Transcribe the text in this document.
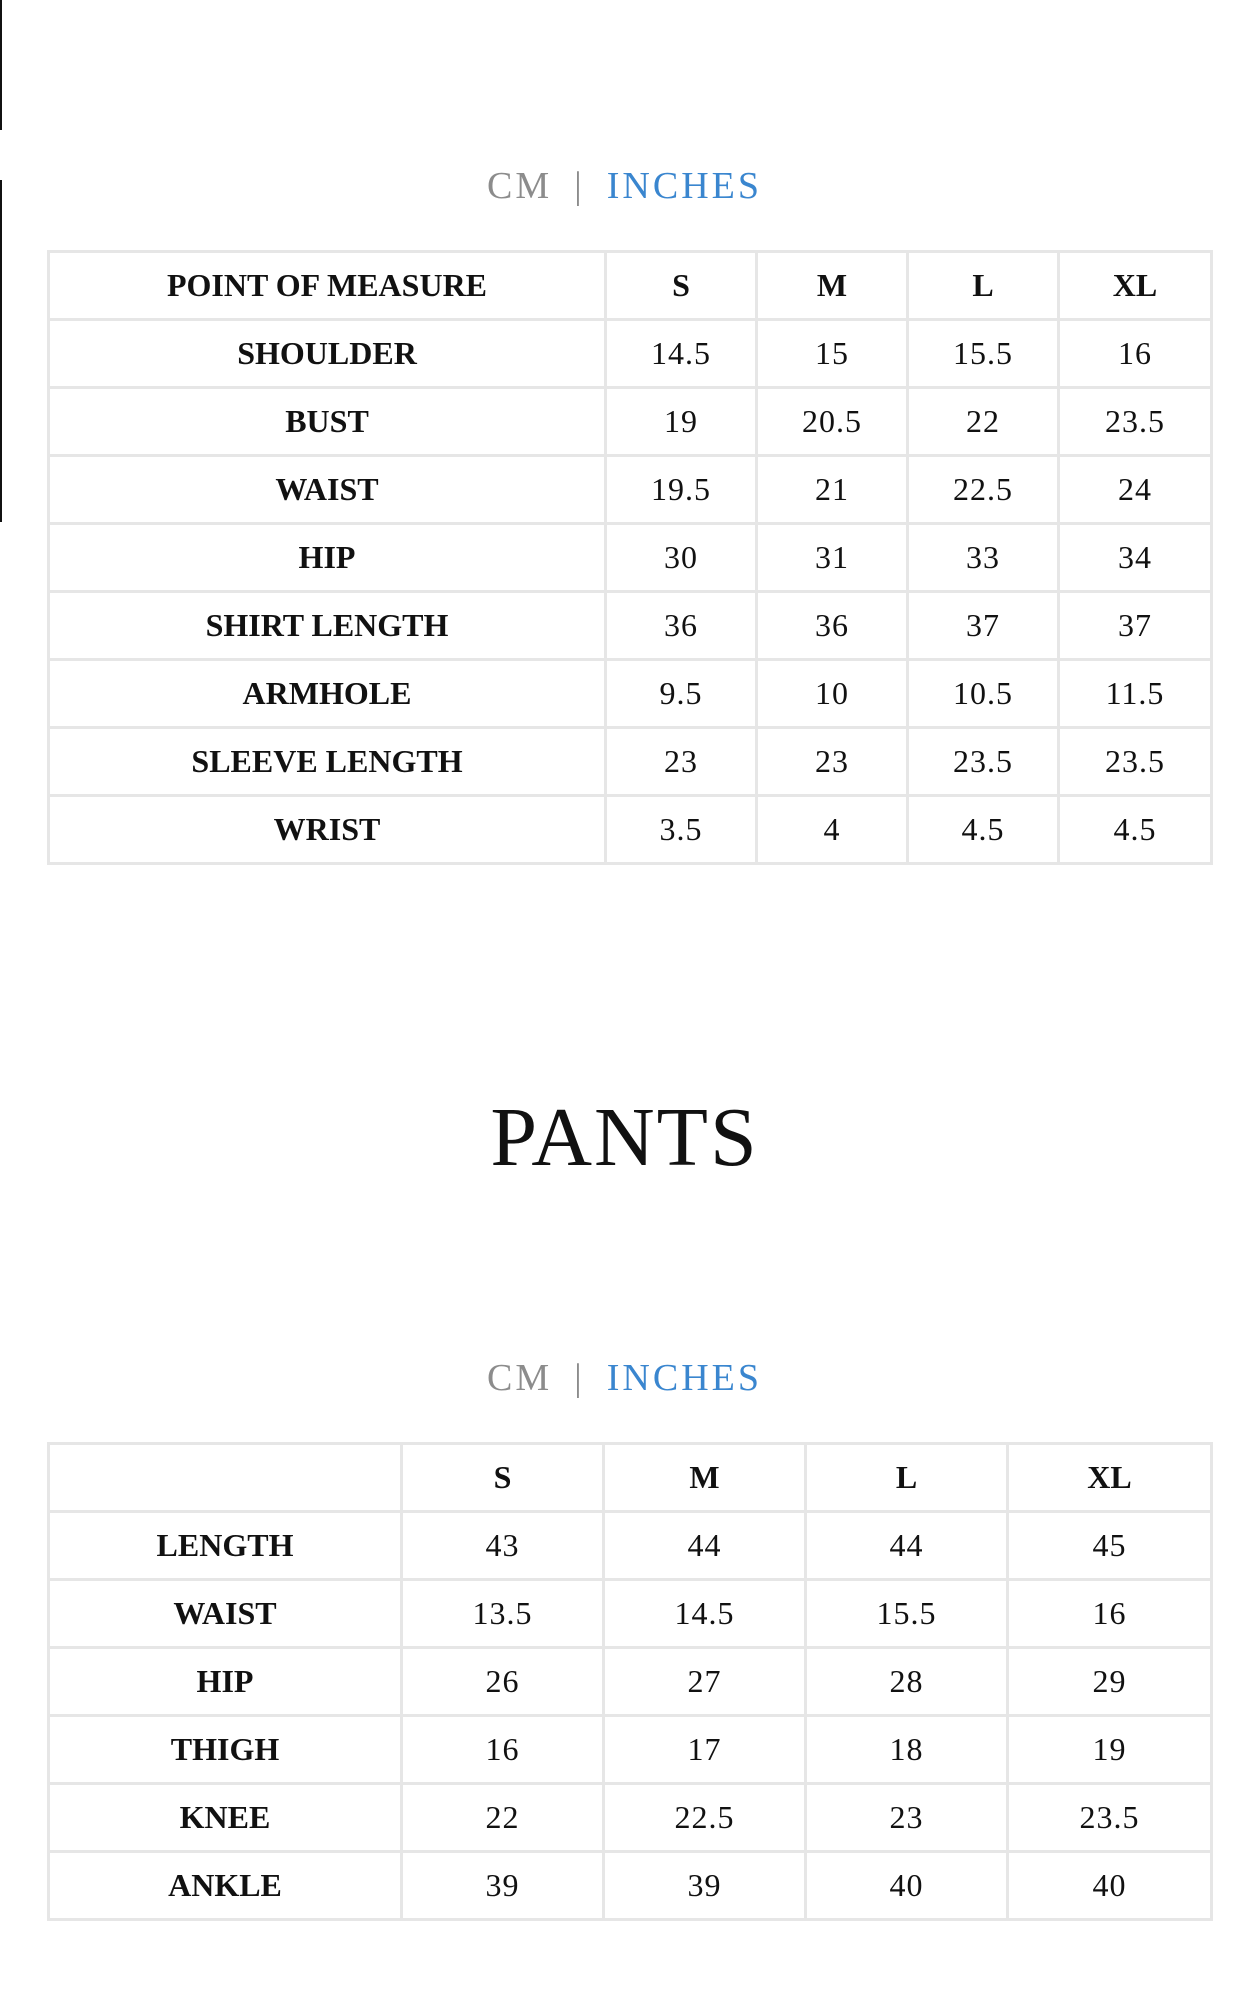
CM | INCHES
POINT OF MEASURE	S	M	L	XL
SHOULDER	14.5	15	15.5	16
BUST	19	20.5	22	23.5
WAIST	19.5	21	22.5	24
HIP	30	31	33	34
SHIRT LENGTH	36	36	37	37
ARMHOLE	9.5	10	10.5	11.5
SLEEVE LENGTH	23	23	23.5	23.5
WRIST	3.5	4	4.5	4.5
PANTS
CM | INCHES
	S	M	L	XL
LENGTH	43	44	44	45
WAIST	13.5	14.5	15.5	16
HIP	26	27	28	29
THIGH	16	17	18	19
KNEE	22	22.5	23	23.5
ANKLE	39	39	40	40
